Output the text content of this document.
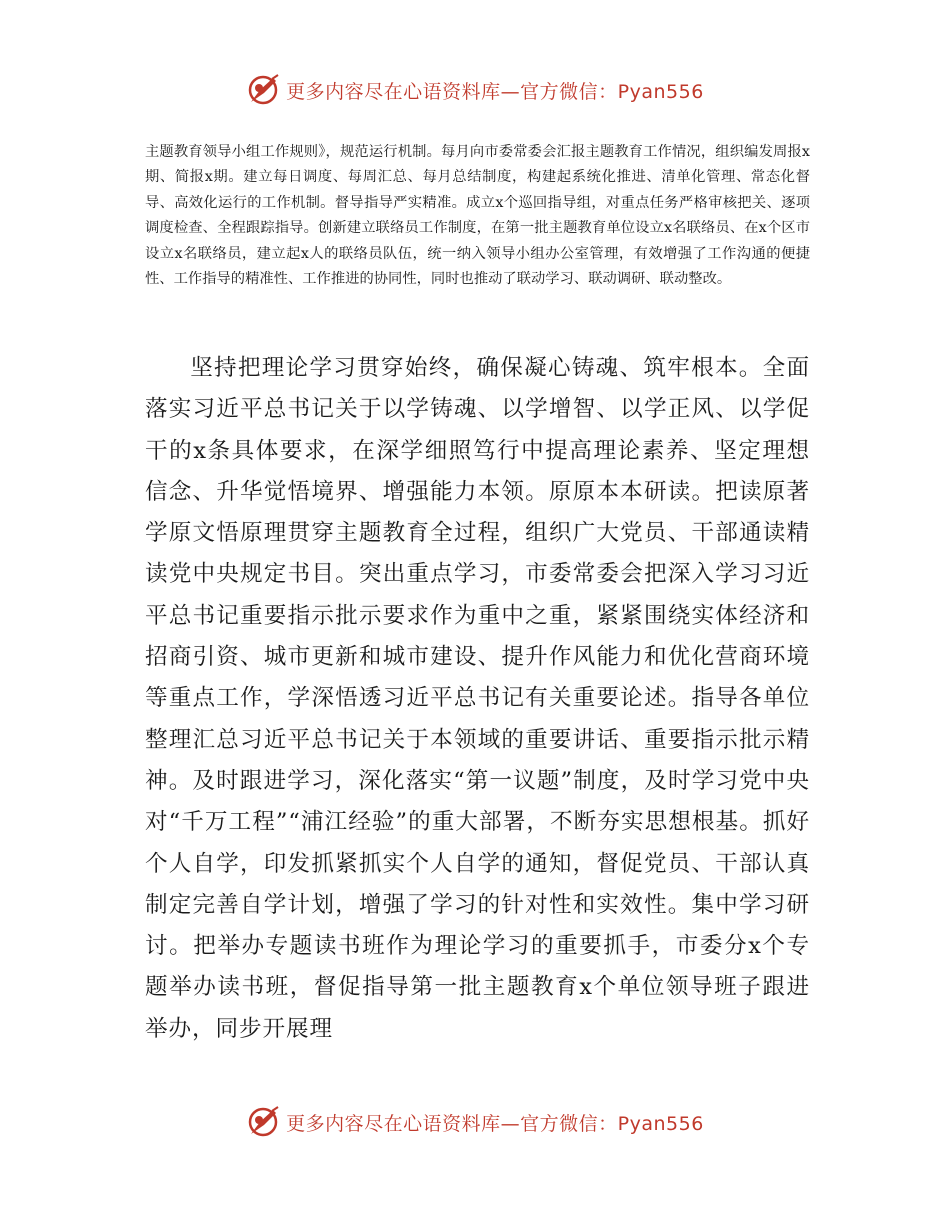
更多内容尽在心语资料库—官方微信：Pyan556

主题教育领导小组工作规则》，规范运行机制。每月向市委常委会汇报主题教育工作情况，组织编发周报x期、简报x期。建立每日调度、每周汇总、每月总结制度，构建起系统化推进、清单化管理、常态化督导、高效化运行的工作机制。督导指导严实精准。成立x个巡回指导组，对重点任务严格审核把关、逐项调度检查、全程跟踪指导。创新建立联络员工作制度，在第一批主题教育单位设立x名联络员、在x个区市设立x名联络员，建立起x人的联络员队伍，统一纳入领导小组办公室管理，有效增强了工作沟通的便捷性、工作指导的精准性、工作推进的协同性，同时也推动了联动学习、联动调研、联动整改。

坚持把理论学习贯穿始终，确保凝心铸魂、筑牢根本。全面落实习近平总书记关于以学铸魂、以学增智、以学正风、以学促干的x条具体要求，在深学细照笃行中提高理论素养、坚定理想信念、升华觉悟境界、增强能力本领。原原本本研读。把读原著学原文悟原理贯穿主题教育全过程，组织广大党员、干部通读精读党中央规定书目。突出重点学习，市委常委会把深入学习习近平总书记重要指示批示要求作为重中之重，紧紧围绕实体经济和招商引资、城市更新和城市建设、提升作风能力和优化营商环境等重点工作，学深悟透习近平总书记有关重要论述。指导各单位整理汇总习近平总书记关于本领域的重要讲话、重要指示批示精神。及时跟进学习，深化落实“第一议题”制度，及时学习党中央对“千万工程”“浦江经验”的重大部署，不断夯实思想根基。抓好个人自学，印发抓紧抓实个人自学的通知，督促党员、干部认真制定完善自学计划，增强了学习的针对性和实效性。集中学习研讨。把举办专题读书班作为理论学习的重要抓手，市委分x个专题举办读书班，督促指导第一批主题教育x个单位领导班子跟进举办，同步开展理

更多内容尽在心语资料库—官方微信：Pyan556
